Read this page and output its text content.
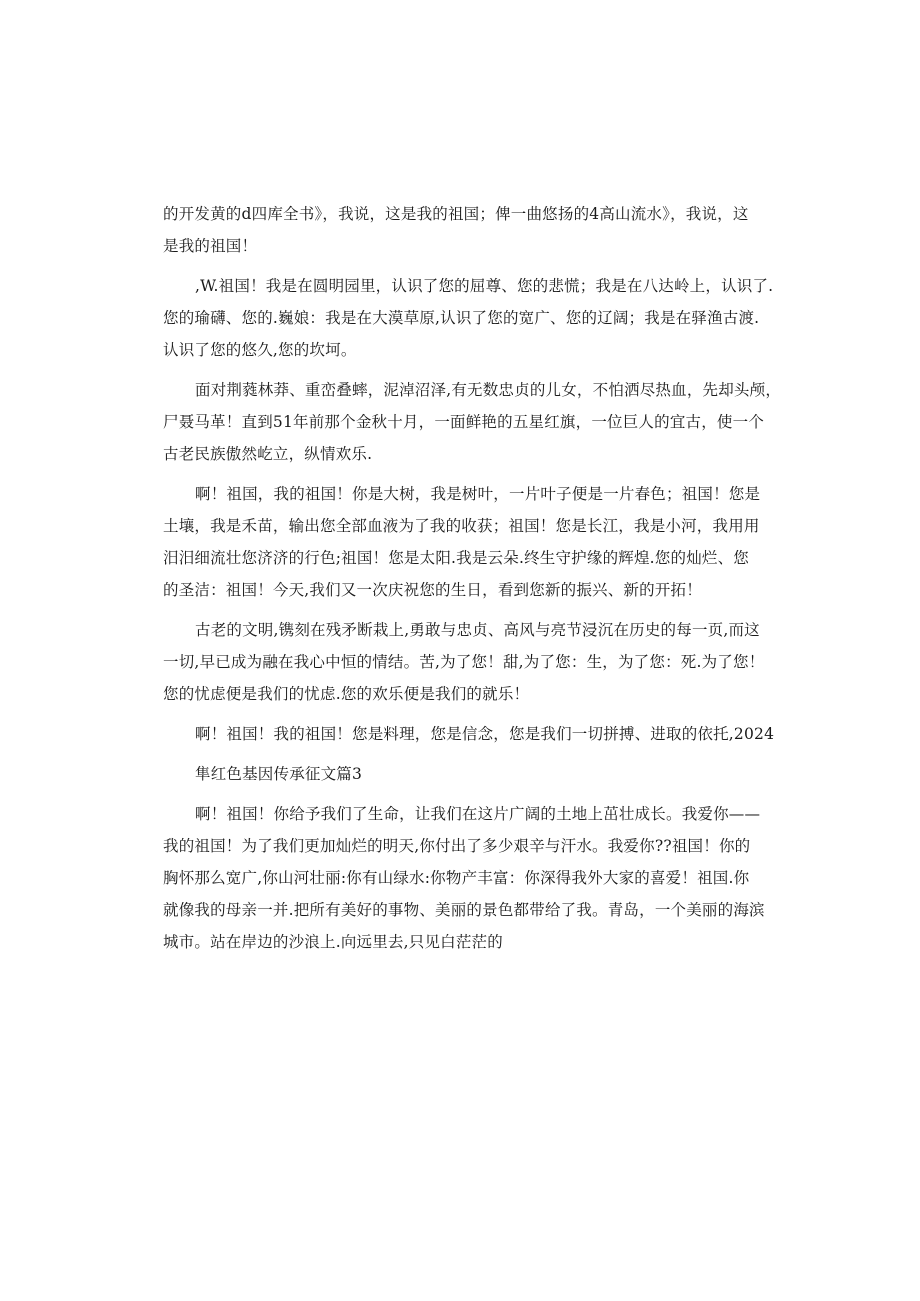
的开发黄的d四库全书》，我说，这是我的祖国；俾一曲悠扬的4高山流水》，我说，这
是我的祖国！
,W.祖国！我是在圆明园里，认识了您的屈尊、您的悲慌；我是在八达岭上，认识了.
您的瑜礴、您的.巍娘：我是在大漠草原,认识了您的宽广、您的辽阔；我是在驿渔古渡.
认识了您的悠久,您的坎坷。
面对荆蕤林莽、重峦叠蟀，泥淖沼泽,有无数忠贞的儿女，不怕洒尽热血，先却头颅，
尸聂马革！直到51年前那个金秋十月，一面鲜艳的五星红旗，一位巨人的宜古，使一个
古老民族傲然屹立，纵情欢乐.
啊！祖国，我的祖国！你是大树，我是树叶，一片叶子便是一片春色；祖国！您是
土壤，我是禾苗，输出您全部血液为了我的收获；祖国！您是长江，我是小河，我用用
汨汨细流壮您济济的行色;祖国！您是太阳.我是云朵.终生守护缘的辉煌.您的灿烂、您
的圣洁：祖国！今天,我们又一次庆祝您的生日，看到您新的振兴、新的开拓！
古老的文明,镌刻在残矛断栽上,勇敢与忠贞、高风与亮节浸沉在历史的每一页,而这
一切,早已成为融在我心中恒的情结。苦,为了您！甜,为了您：生，为了您：死.为了您！
您的忧虑便是我们的忧虑.您的欢乐便是我们的就乐！
啊！祖国！我的祖国！您是料理，您是信念，您是我们一切拼搏、进取的依托,2024
隼红色基因传承征文篇3
啊！祖国！你给予我们了生命，让我们在这片广阔的土地上茁壮成长。我爱你——
我的祖国！为了我们更加灿烂的明天,你付出了多少艰辛与汗水。我爱你??祖国！你的
胸怀那么宽广,你山河壮丽:你有山绿水:你物产丰富：你深得我外大家的喜爱！祖国.你
就像我的母亲一并.把所有美好的事物、美丽的景色都带给了我。青岛，一个美丽的海滨
城市。站在岸边的沙浪上.向远里去,只见白茫茫的
